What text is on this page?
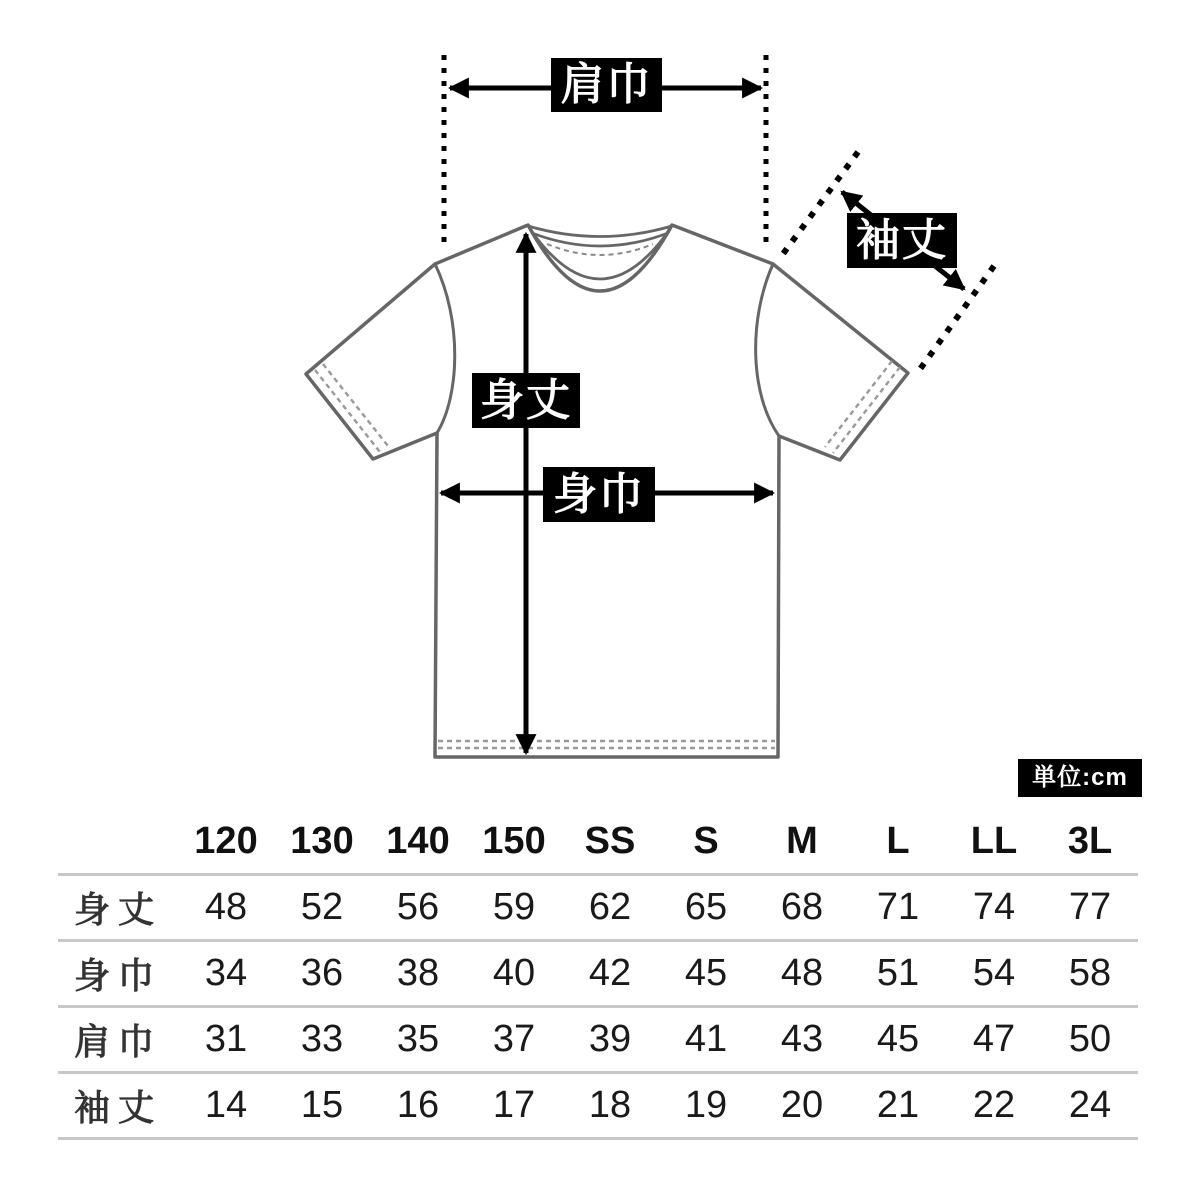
肩巾
袖丈
身丈
身巾
単位:cm
	120	130	140	150	SS	S	M	L	LL	3L
身丈	48	52	56	59	62	65	68	71	74	77
身巾	34	36	38	40	42	45	48	51	54	58
肩巾	31	33	35	37	39	41	43	45	47	50
袖丈	14	15	16	17	18	19	20	21	22	24
